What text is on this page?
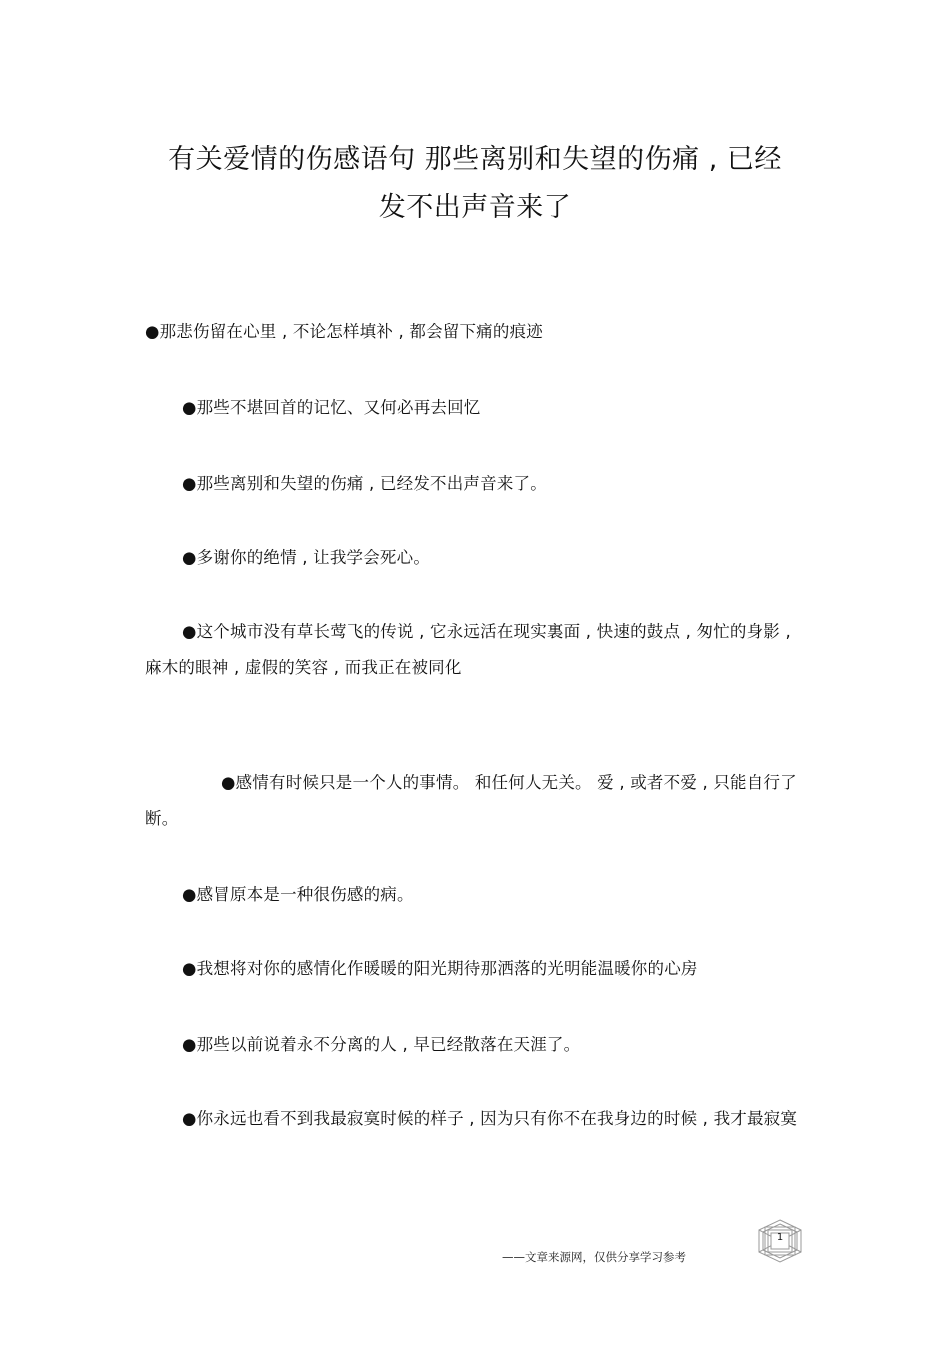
有关爱情的伤感语句 那些离别和失望的伤痛 , 已经
发不出声音来了

●那悲伤留在心里 , 不论怎样填补 , 都会留下痛的痕迹

●那些不堪回首的记忆、又何必再去回忆

●那些离别和失望的伤痛 , 已经发不出声音来了。

●多谢你的绝情 , 让我学会死心。

●这个城市没有草长莺飞的传说 , 它永远活在现实裏面 , 快速的鼓点 , 匆忙的身影 , 麻木的眼神 , 虚假的笑容 , 而我正在被同化

●感情有时候只是一个人的事情。 和任何人无关。 爱 , 或者不爱 , 只能自行了断。

●感冒原本是一种很伤感的病。

●我想将对你的感情化作暖暖的阳光期待那洒落的光明能温暖你的心房

●那些以前说着永不分离的人 , 早已经散落在天涯了。

●你永远也看不到我最寂寞时候的样子 , 因为只有你不在我身边的时候 , 我才最寂寞

——文章来源网，仅供分享学习参考
1
